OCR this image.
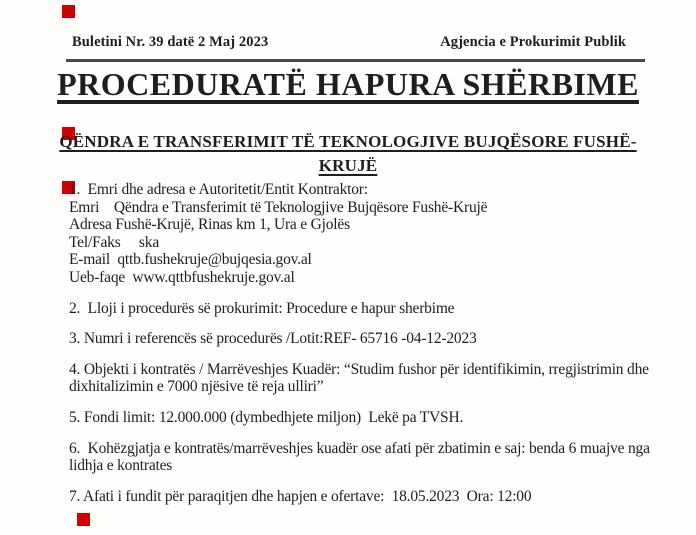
Buletini Nr. 39 datë 2 Maj 2023	Agjencia e Prokurimit Publik
PROCEDURATË HAPURA SHËRBIME
QËNDRA E TRANSFERIMIT TË TEKNOLOGJIVE BUJQËSORE FUSHË-
KRUJË

1.  Emri dhe adresa e Autoritetit/Entit Kontraktor:
Emri    Qëndra e Transferimit të Teknologjive Bujqësore Fushë-Krujë
Adresa Fushë-Krujë, Rinas km 1, Ura e Gjolës
Tel/Faks     ska
E-mail  qttb.fushekruje@bujqesia.gov.al
Ueb-faqe  www.qttbfushekruje.gov.al

2.  Lloji i procedurës së prokurimit: Procedure e hapur sherbime

3. Numri i referencës së procedurës /Lotit:REF- 65716 -04-12-2023

4. Objekti i kontratës / Marrëveshjes Kuadër: “Studim fushor për identifikimin, rregjistrimin dhe
dixhitalizimin e 7000 njësive të reja ulliri”

5. Fondi limit: 12.000.000 (dymbedhjete miljon)  Lekë pa TVSH.

6.  Kohëzgjatja e kontratës/marrëveshjes kuadër ose afati për zbatimin e saj: benda 6 muajve nga
lidhja e kontrates

7. Afati i fundit për paraqitjen dhe hapjen e ofertave:  18.05.2023  Ora: 12:00
